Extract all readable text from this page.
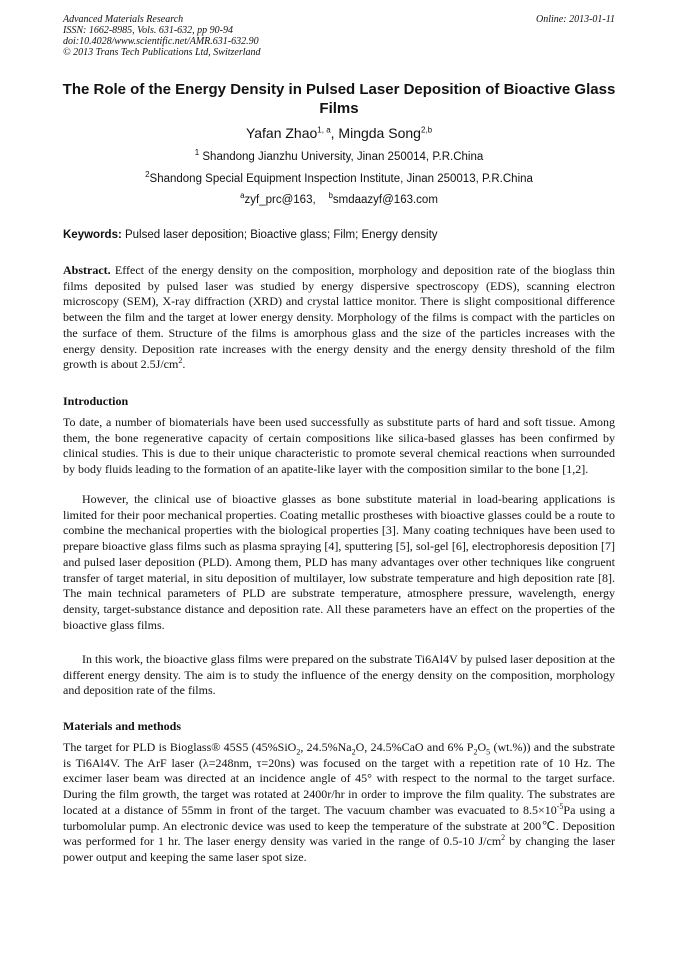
Advanced Materials Research
ISSN: 1662-8985, Vols. 631-632, pp 90-94
doi:10.4028/www.scientific.net/AMR.631-632.90
© 2013 Trans Tech Publications Ltd, Switzerland
Online: 2013-01-11
The Role of the Energy Density in Pulsed Laser Deposition of Bioactive Glass Films
Yafan Zhao$^{1, a}$, Mingda Song$^{2,b}$
$^1$ Shandong Jianzhu University, Jinan 250014, P.R.China
$^2$Shandong Special Equipment Inspection Institute, Jinan 250013, P.R.China
$^a$zyf_prc@163, $^b$smdaazyf@163.com
Keywords: Pulsed laser deposition; Bioactive glass; Film; Energy density
Abstract. Effect of the energy density on the composition, morphology and deposition rate of the bioglass thin films deposited by pulsed laser was studied by energy dispersive spectroscopy (EDS), scanning electron microscopy (SEM), X-ray diffraction (XRD) and crystal lattice monitor. There is slight compositional difference between the film and the target at lower energy density. Morphology of the films is compact with the particles on the surface of them. Structure of the films is amorphous glass and the size of the particles increases with the energy density. Deposition rate increases with the energy density and the energy density threshold of the film growth is about $2.5J/cm^2$.
Introduction
To date, a number of biomaterials have been used successfully as substitute parts of hard and soft tissue. Among them, the bone regenerative capacity of certain compositions like silica-based glasses has been confirmed by clinical studies. This is due to their unique characteristic to promote several chemical reactions when surrounded by body fluids leading to the formation of an apatite-like layer with the composition similar to the bone [1,2].
However, the clinical use of bioactive glasses as bone substitute material in load-bearing applications is limited for their poor mechanical properties. Coating metallic prostheses with bioactive glasses could be a route to combine the mechanical properties with the biological properties [3]. Many coating techniques have been used to prepare bioactive glass films such as plasma spraying [4], sputtering [5], sol-gel [6], electrophoresis deposition [7] and pulsed laser deposition (PLD). Among them, PLD has many advantages over other techniques like congruent transfer of target material, in situ deposition of multilayer, low substrate temperature and high deposition rate [8]. The main technical parameters of PLD are substrate temperature, atmosphere pressure, wavelength, energy density, target-substance distance and deposition rate. All these parameters have an effect on the properties of the bioactive glass films.
In this work, the bioactive glass films were prepared on the substrate Ti6Al4V by pulsed laser deposition at the different energy density. The aim is to study the influence of the energy density on the composition, morphology and deposition rate of the films.
Materials and methods
The target for PLD is Bioglass® 45S5 (45%SiO$_2$, $24.5\%Na_2O$, 24.5%CaO and 6% $P_2O_5$ (wt.%)) and the substrate is Ti6Al4V. The ArF laser (λ=248nm, τ=20ns) was focused on the target with a repetition rate of 10 Hz. The excimer laser beam was directed at an incidence angle of 45° with respect to the normal to the target surface. During the film growth, the target was rotated at 2400r/hr in order to improve the film quality. The substrates are located at a distance of 55mm in front of the target. The vacuum chamber was evacuated to $8.5\times 10^{-5}Pa$ using a turbomolular pump. An electronic device was used to keep the temperature of the substrate at 200℃. Deposition was performed for 1 hr. The laser energy density was varied in the range of 0.5-10 $J/cm^2$ by changing the laser power output and keeping the same laser spot size.
